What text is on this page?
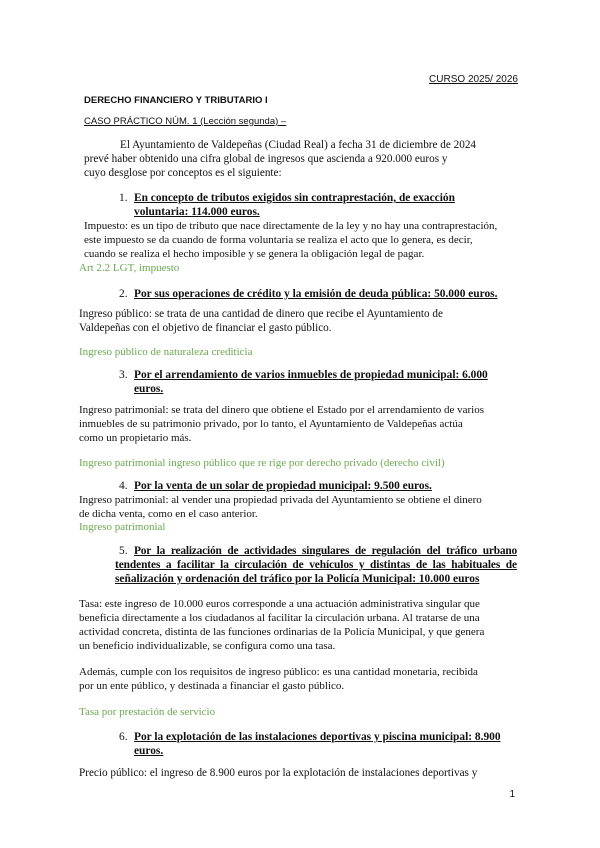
CURSO 2025/ 2026
DERECHO FINANCIERO Y TRIBUTARIO I
CASO PRÁCTICO NÚM. 1 (Lección segunda) –
El Ayuntamiento de Valdepeñas (Ciudad Real) a fecha 31 de diciembre de 2024
prevé haber obtenido una cifra global de ingresos que ascienda a 920.000 euros y
cuyo desglose por conceptos es el siguiente:
1. En concepto de tributos exigidos sin contraprestación, de exacción
voluntaria: 114.000 euros.
Impuesto: es un tipo de tributo que nace directamente de la ley y no hay una contraprestación,
este impuesto se da cuando de forma voluntaria se realiza el acto que lo genera, es decir,
cuando se realiza el hecho imposible y se genera la obligación legal de pagar.
Art 2.2 LGT, impuesto
2. Por sus operaciones de crédito y la emisión de deuda pública: 50.000 euros.
Ingreso público: se trata de una cantidad de dinero que recibe el Ayuntamiento de
Valdepeñas con el objetivo de financiar el gasto público.
Ingreso público de naturaleza crediticia
3. Por el arrendamiento de varios inmuebles de propiedad municipal: 6.000
euros.
Ingreso patrimonial: se trata del dinero que obtiene el Estado por el arrendamiento de varios
inmuebles de su patrimonio privado, por lo tanto, el Ayuntamiento de Valdepeñas actúa
como un propietario más.
Ingreso patrimonial ingreso público que re rige por derecho privado (derecho civil)
4. Por la venta de un solar de propiedad municipal: 9.500 euros.
Ingreso patrimonial: al vender una propiedad privada del Ayuntamiento se obtiene el dinero
de dicha venta, como en el caso anterior.
Ingreso patrimonial
5. Por la realización de actividades singulares de regulación del tráfico urbano
tendentes a facilitar la circulación de vehículos y distintas de las habituales de
señalización y ordenación del tráfico por la Policía Municipal: 10.000 euros
Tasa: este ingreso de 10.000 euros corresponde a una actuación administrativa singular que
beneficia directamente a los ciudadanos al facilitar la circulación urbana. Al tratarse de una
actividad concreta, distinta de las funciones ordinarias de la Policía Municipal, y que genera
un beneficio individualizable, se configura como una tasa.
Además, cumple con los requisitos de ingreso público: es una cantidad monetaria, recibida
por un ente público, y destinada a financiar el gasto público.
Tasa por prestación de servicio
6. Por la explotación de las instalaciones deportivas y piscina municipal: 8.900
euros.
Precio público: el ingreso de 8.900 euros por la explotación de instalaciones deportivas y
1
